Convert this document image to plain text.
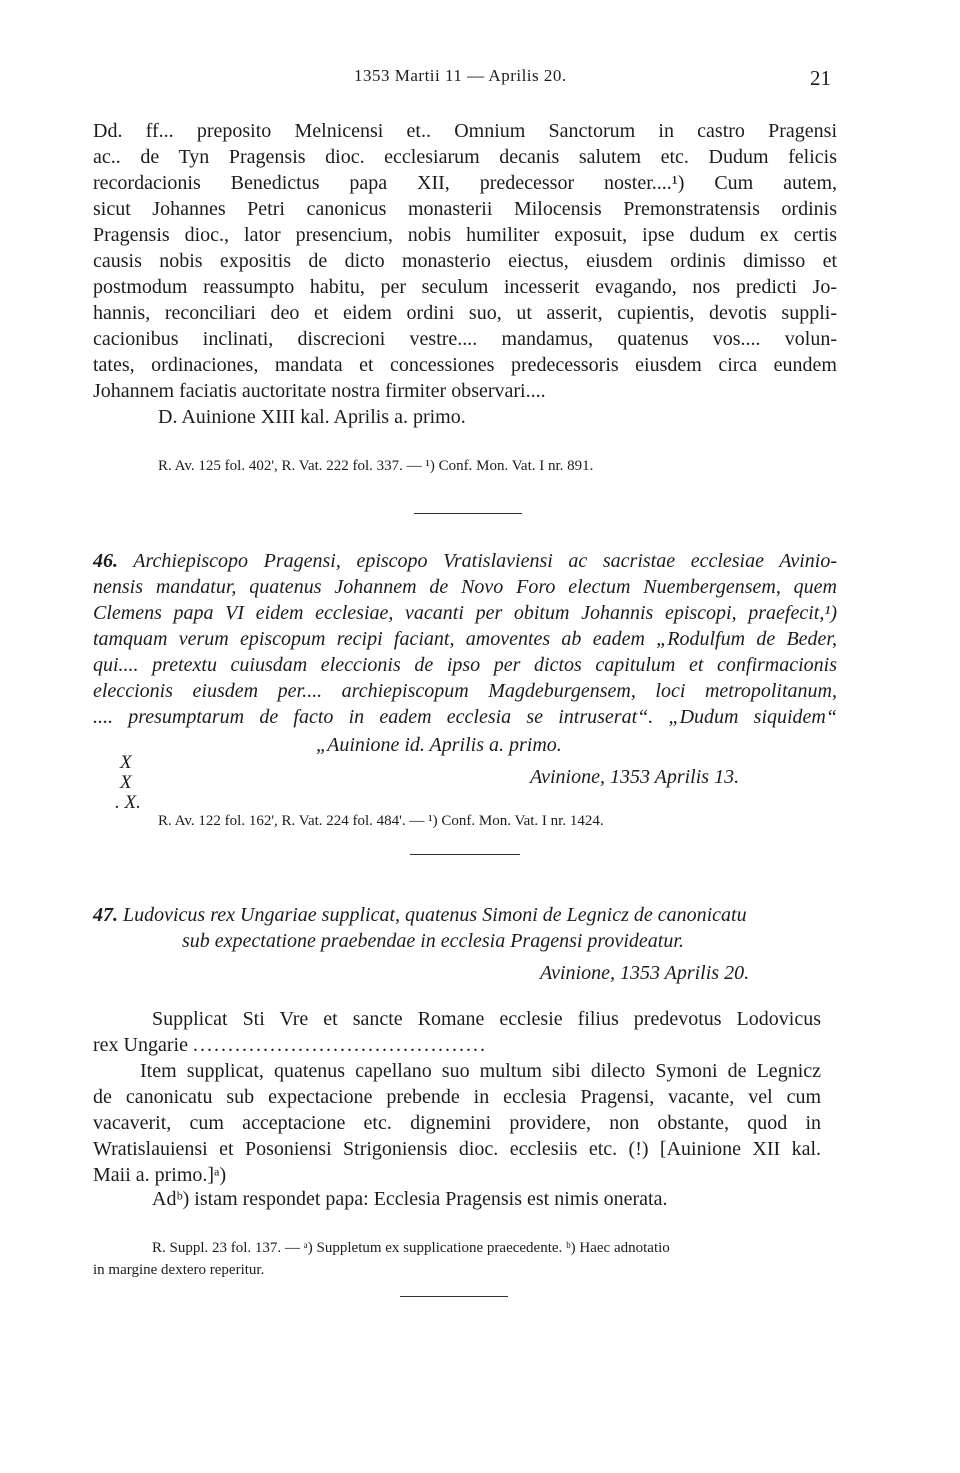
1353 Martii 11 — Aprilis 20.	21
Dd. ff... preposito Melnicensi et.. Omnium Sanctorum in castro Pragensi
ac.. de Tyn Pragensis dioc. ecclesiarum decanis salutem etc. Dudum felicis
recordacionis Benedictus papa XII, predecessor noster....¹) Cum autem,
sicut Johannes Petri canonicus monasterii Milocensis Premonstratensis ordinis
Pragensis dioc., lator presencium, nobis humiliter exposuit, ipse dudum ex certis
causis nobis expositis de dicto monasterio eiectus, eiusdem ordinis dimisso et
postmodum reassumpto habitu, per seculum incesserit evagando, nos predicti Jo-
hannis, reconciliari deo et eidem ordini suo, ut asserit, cupientis, devotis suppli-
cacionibus inclinati, discrecioni vestre.... mandamus, quatenus vos.... volun-
tates, ordinaciones, mandata et concessiones predecessoris eiusdem circa eundem
Johannem faciatis auctoritate nostra firmiter observari....
D. Auinione XIII kal. Aprilis a. primo.
R. Av. 125 fol. 402', R. Vat. 222 fol. 337. — ¹) Conf. Mon. Vat. I nr. 891.
46. Archiepiscopo Pragensi, episcopo Vratislaviensi ac sacristae ecclesiae Avinio-
nensis mandatur, quatenus Johannem de Novo Foro electum Nuembergensem, quem
Clemens papa VI eidem ecclesiae, vacanti per obitum Johannis episcopi, praefecit,¹)
tamquam verum episcopum recipi faciant, amoventes ab eadem „Rodulfum de Beder,
qui.... pretextu cuiusdam eleccionis de ipso per dictos capitulum et confirmacionis
eleccionis eiusdem per.... archiepiscopum Magdeburgensem, loci metropolitanum,
.... presumptarum de facto in eadem ecclesia se intruserat“. „Dudum siquidem“
„Auinione id. Aprilis a. primo.
X
X
. X.
Avinione, 1353 Aprilis 13.
R. Av. 122 fol. 162', R. Vat. 224 fol. 484'. — ¹) Conf. Mon. Vat. I nr. 1424.
47. Ludovicus rex Ungariae supplicat, quatenus Simoni de Legnicz de canonicatu
sub expectatione praebendae in ecclesia Pragensi provideatur.
Avinione, 1353 Aprilis 20.
Supplicat Sti Vre et sancte Romane ecclesie filius predevotus Lodovicus
rex Ungarie ..........................................
Item supplicat, quatenus capellano suo multum sibi dilecto Symoni de Legnicz
de canonicatu sub expectacione prebende in ecclesia Pragensi, vacante, vel cum
vacaverit, cum acceptacione etc. dignemini providere, non obstante, quod in
Wratislauiensi et Posoniensi Strigoniensis dioc. ecclesiis etc. (!) [Auinione XII kal.
Maii a. primo.]ᵃ)
Adᵇ) istam respondet papa: Ecclesia Pragensis est nimis onerata.
R. Suppl. 23 fol. 137. — ᵃ) Suppletum ex supplicatione praecedente. ᵇ) Haec adnotatio
in margine dextero reperitur.
